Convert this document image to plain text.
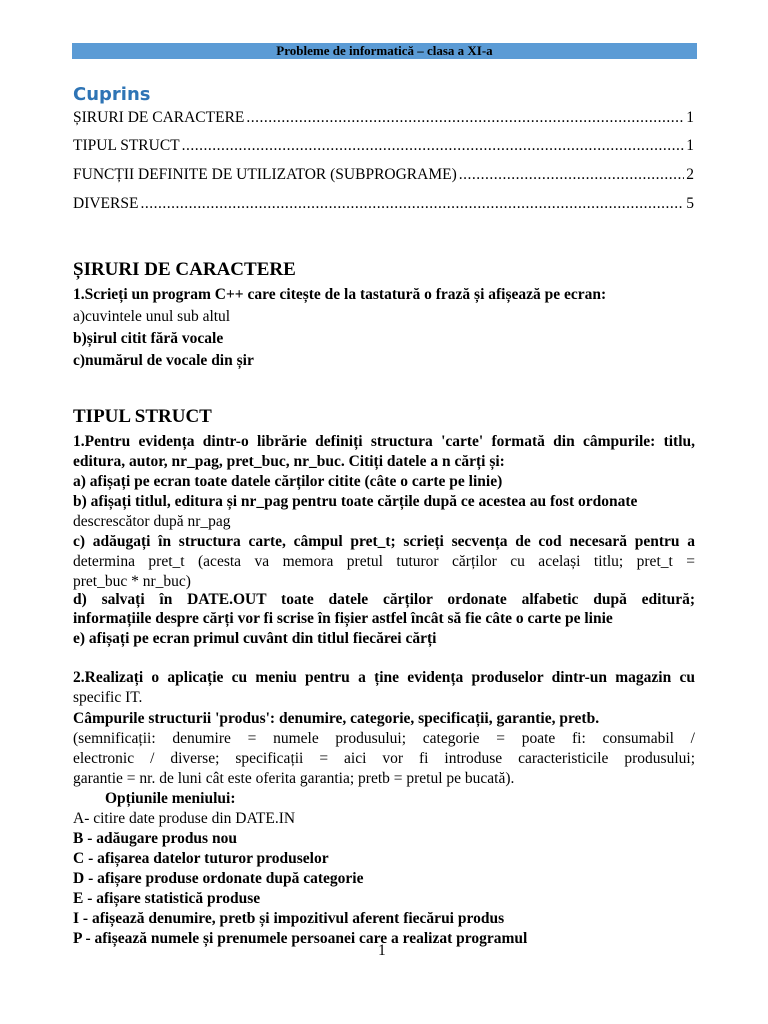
Probleme de informatică – clasa a XI-a
Cuprins
ȘIRURI DE CARACTERE .....	1
TIPUL STRUCT .....	1
FUNCȚII DEFINITE DE UTILIZATOR (SUBPROGRAME) .....	2
DIVERSE .....	5
ȘIRURI DE CARACTERE
1.Scrieți un program C++ care citește de la tastatură o frază și afișează pe ecran:
a)cuvintele unul sub altul
b)șirul citit fără vocale
c)numărul de vocale din șir
TIPUL STRUCT
1.Pentru evidența dintr-o librărie definiți structura 'carte' formată din câmpurile: titlu,
editura, autor, nr_pag, pret_buc, nr_buc. Citiți datele a n cărți și:
a) afișați pe ecran toate datele cărților citite (câte o carte pe linie)
b) afișați titlul, editura și nr_pag pentru toate cărțile după ce acestea au fost ordonate
descrescător după nr_pag
c) adăugați în structura carte, câmpul pret_t; scrieți secvența de cod necesară pentru a
determina pret_t (acesta va memora pretul tuturor cărților cu același titlu; pret_t =
pret_buc * nr_buc)
d) salvați în DATE.OUT toate datele cărților ordonate alfabetic după editură;
informațiile despre cărți vor fi scrise în fișier astfel încât să fie câte o carte pe linie
e) afișați pe ecran primul cuvânt din titlul fiecărei cărți
2.Realizați o aplicație cu meniu pentru a ține evidența produselor dintr-un magazin cu
specific IT.
Câmpurile structurii 'produs': denumire, categorie, specificații, garantie, pretb.
(semnificații: denumire = numele produsului; categorie = poate fi: consumabil /
electronic / diverse; specificații = aici vor fi introduse caracteristicile produsului;
garantie = nr. de luni cât este oferita garantia; pretb = pretul pe bucată).
Opțiunile meniului:
A- citire date produse din DATE.IN
B - adăugare produs nou
C - afișarea datelor tuturor produselor
D - afișare produse ordonate după categorie
E - afișare statistică produse
I - afișează denumire, pretb și impozitivul aferent fiecărui produs
P - afișează numele și prenumele persoanei care a realizat programul
1
